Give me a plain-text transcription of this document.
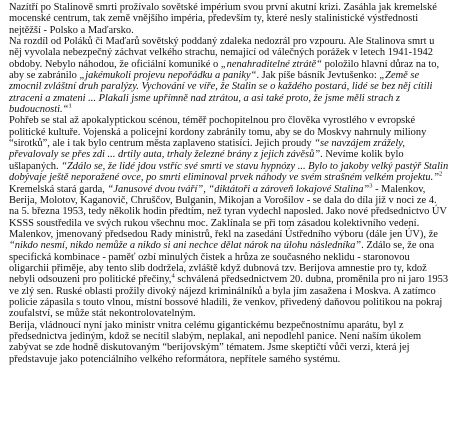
Nazítří po Stalinově smrti prožívalo sovětské impérium svou první akutní krizi. Zasáhla jak kremelské mocenské centrum, tak země vnějšího impéria, především ty, které nesly stalinistické výstřednosti nejtěžší - Polsko a Maďarsko.

Na rozdíl od Poláků či Maďarů sovětský poddaný zdaleka nedozrál pro vzpouru. Ale Stalinova smrt u něj vyvolala nebezpečný záchvat velkého strachu, nemající od válečných porážek v letech 1941-1942 obdoby. Nebylo náhodou, že oficiální komuniké o „nenahraditelné ztrátě“ položilo hlavní důraz na to, aby se zabránilo „jakémukoli projevu nepořádku a paniky“. Jak píše básník Jevtušenko: „Země se zmocnil zvláštní druh paralýzy. Vychování ve víře, že Stalin se o každého postará, lidé se bez něj cítili ztraceni a zmateni ... Plakali jsme upřímně nad ztrátou, a asi také proto, že jsme měli strach z budoucnosti.“$^1$

Pohřeb se stal až apokalyptickou scénou, téměř pochopitelnou pro člověka vyrostlého v evropské politické kultuře. Vojenská a policejní kordony zabránily tomu, aby se do Moskvy nahrnuly miliony “sirotků”, ale i tak bylo centrum města zaplaveno statisíci. Jejich proudy “se navzájem zrážely, převalovaly se přes zdi ... drtily auta, trhaly železné brány z jejich závěsů”. Nevíme kolik bylo ušlapaných. “Zdálo se, že lidé jdou vstříc své smrti ve stavu hypnózy ... Bylo to jakoby velký pastýř Stalin dobývaje ještě neporažené ovce, po smrti eliminoval prvek náhody ve svém strašném velkém projektu.”$^2$

Kremelská stará garda, “Janusové dvou tváří”, “diktátoři a zároveň lokajové Stalina”$^3$ - Malenkov, Berija, Molotov, Kaganovič, Chruščov, Bulganin, Mikojan a Vorošilov - se dala do díla již v noci ze 4. na 5. března 1953, tedy několik hodin předtím, než tyran vydechl naposled. Jako nové předsednictvo ÚV KSSS soustředila ve svých rukou všechnu moc. Zaklínala se při tom zásadou kolektivního vedení. Malenkov, jmenovaný předsedou Rady ministrů, řekl na zasedání Ústředního výboru (dále jen ÚV), že “nikdo nesmí, nikdo nemůže a nikdo si ani nechce dělat nárok na úlohu následníka”. Zdálo se, že ona specifická kombinace - paměť ozbí minulých čistek a hrůza ze současného neklidu - staronovou oligarchii přiměje, aby tento slib dodržela, zvláště když dubnová tzv. Berijova amnestie pro ty, kdož nebyli odsouzeni pro politické přečiny,$^4$ schválená předsednictvem 20. dubna, proměnila pro ni jaro 1953 ve zlý sen. Ruské oblasti prožily divoký nájezd kriminálníků a byla jím zasažena i Moskva. A zatímco policie zápasila s touto vlnou, místní bossové hladili, že venkov, přivedený daňovou politikou na pokraj zoufalství, se může stát nekontrolovatelným.

Berija, vládnoucí nyní jako ministr vnitra celému gigantickému bezpečnostnímu aparátu, byl z předsednictva jediným, kdož se necítil slabým, neplakal, ani nepodlehl panice. Není naším úkolem zabývat se zde hodně diskutovaným “berijovským” tématem. Jsme skeptičtí vůči verzi, která jej představuje jako potenciálního velkého reformátora, nepřítele samého systému.
